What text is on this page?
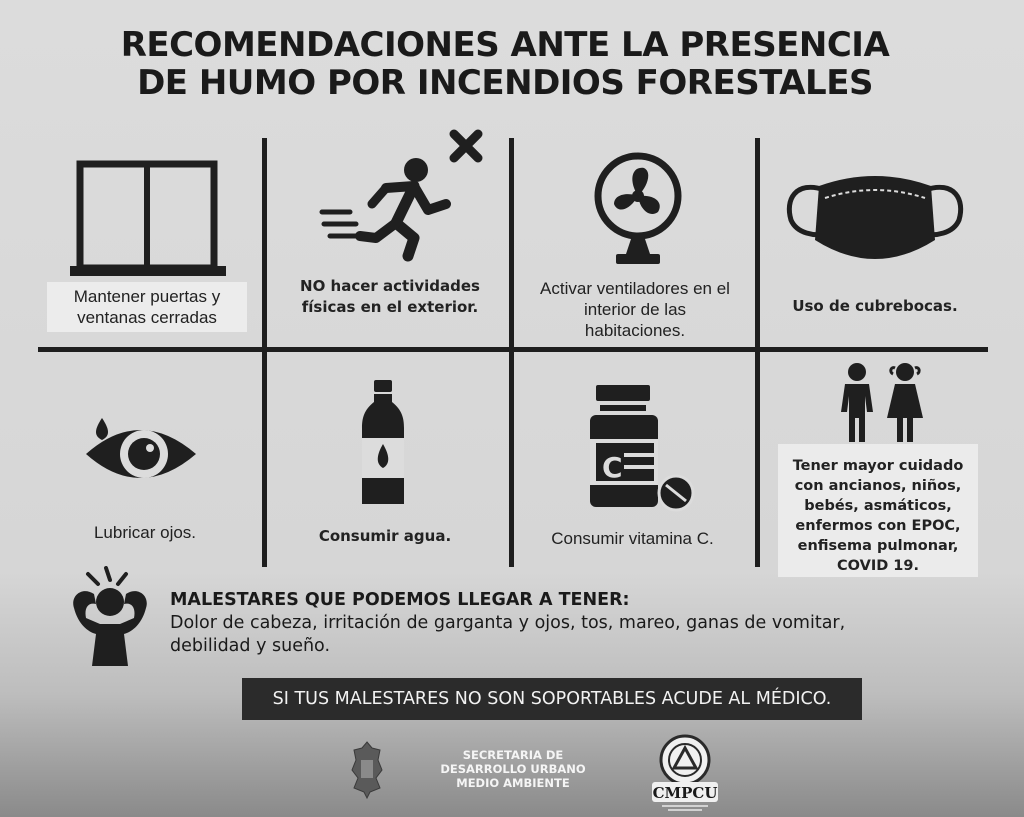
RECOMENDACIONES ANTE LA PRESENCIA
DE HUMO POR INCENDIOS FORESTALES
Mantener puertas y ventanas cerradas
NO hacer actividades físicas en el exterior.
Activar ventiladores en el interior de las habitaciones.
Uso de cubrebocas.
Lubricar ojos.	Consumir agua.
C
Consumir vitamina C.
Tener mayor cuidado con ancianos, niños, bebés, asmáticos, enfermos con EPOC, enfisema pulmonar, COVID 19.
MALESTARES QUE PODEMOS LLEGAR A TENER:
Dolor de cabeza, irritación de garganta y ojos, tos, mareo, ganas de vomitar, debilidad y sueño.
SI TUS MALESTARES NO SON SOPORTABLES ACUDE AL MÉDICO.
SECRETARIA DE
DESARROLLO URBANO
MEDIO AMBIENTE
CMPCU
